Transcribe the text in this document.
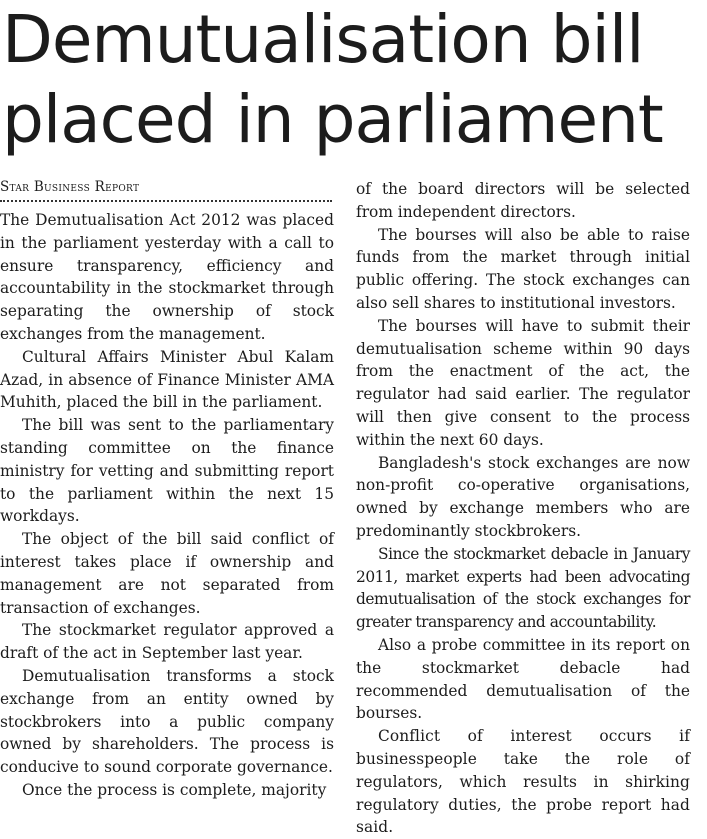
Demutualisation bill
placed in parliament
Star Business Report

The Demutualisation Act 2012 was placed in the parliament yesterday with a call to ensure transparency, efficiency and accountability in the stockmarket through separating the ownership of stock exchanges from the management.

Cultural Affairs Minister Abul Kalam Azad, in absence of Finance Minister AMA Muhith, placed the bill in the parliament.

The bill was sent to the parliamentary standing committee on the finance ministry for vetting and submitting report to the parliament within the next 15 workdays.

The object of the bill said conflict of interest takes place if ownership and management are not separated from transaction of exchanges.

The stockmarket regulator approved a draft of the act in September last year.

Demutualisation transforms a stock exchange from an entity owned by stockbrokers into a public company owned by shareholders. The process is conducive to sound corporate governance.

Once the process is complete, majority

of the board directors will be selected from independent directors.

The bourses will also be able to raise funds from the market through initial public offering. The stock exchanges can also sell shares to institutional investors.

The bourses will have to submit their demutualisation scheme within 90 days from the enactment of the act, the regulator had said earlier. The regulator will then give consent to the process within the next 60 days.

Bangladesh's stock exchanges are now non-profit co-operative organisations, owned by exchange members who are predominantly stockbrokers.

Since the stockmarket debacle in January 2011, market experts had been advocating demutualisation of the stock exchanges for greater transparency and accountability.

Also a probe committee in its report on the stockmarket debacle had recommended demutualisation of the bourses.

Conflict of interest occurs if businesspeople take the role of regulators, which results in shirking regulatory duties, the probe report had said.
